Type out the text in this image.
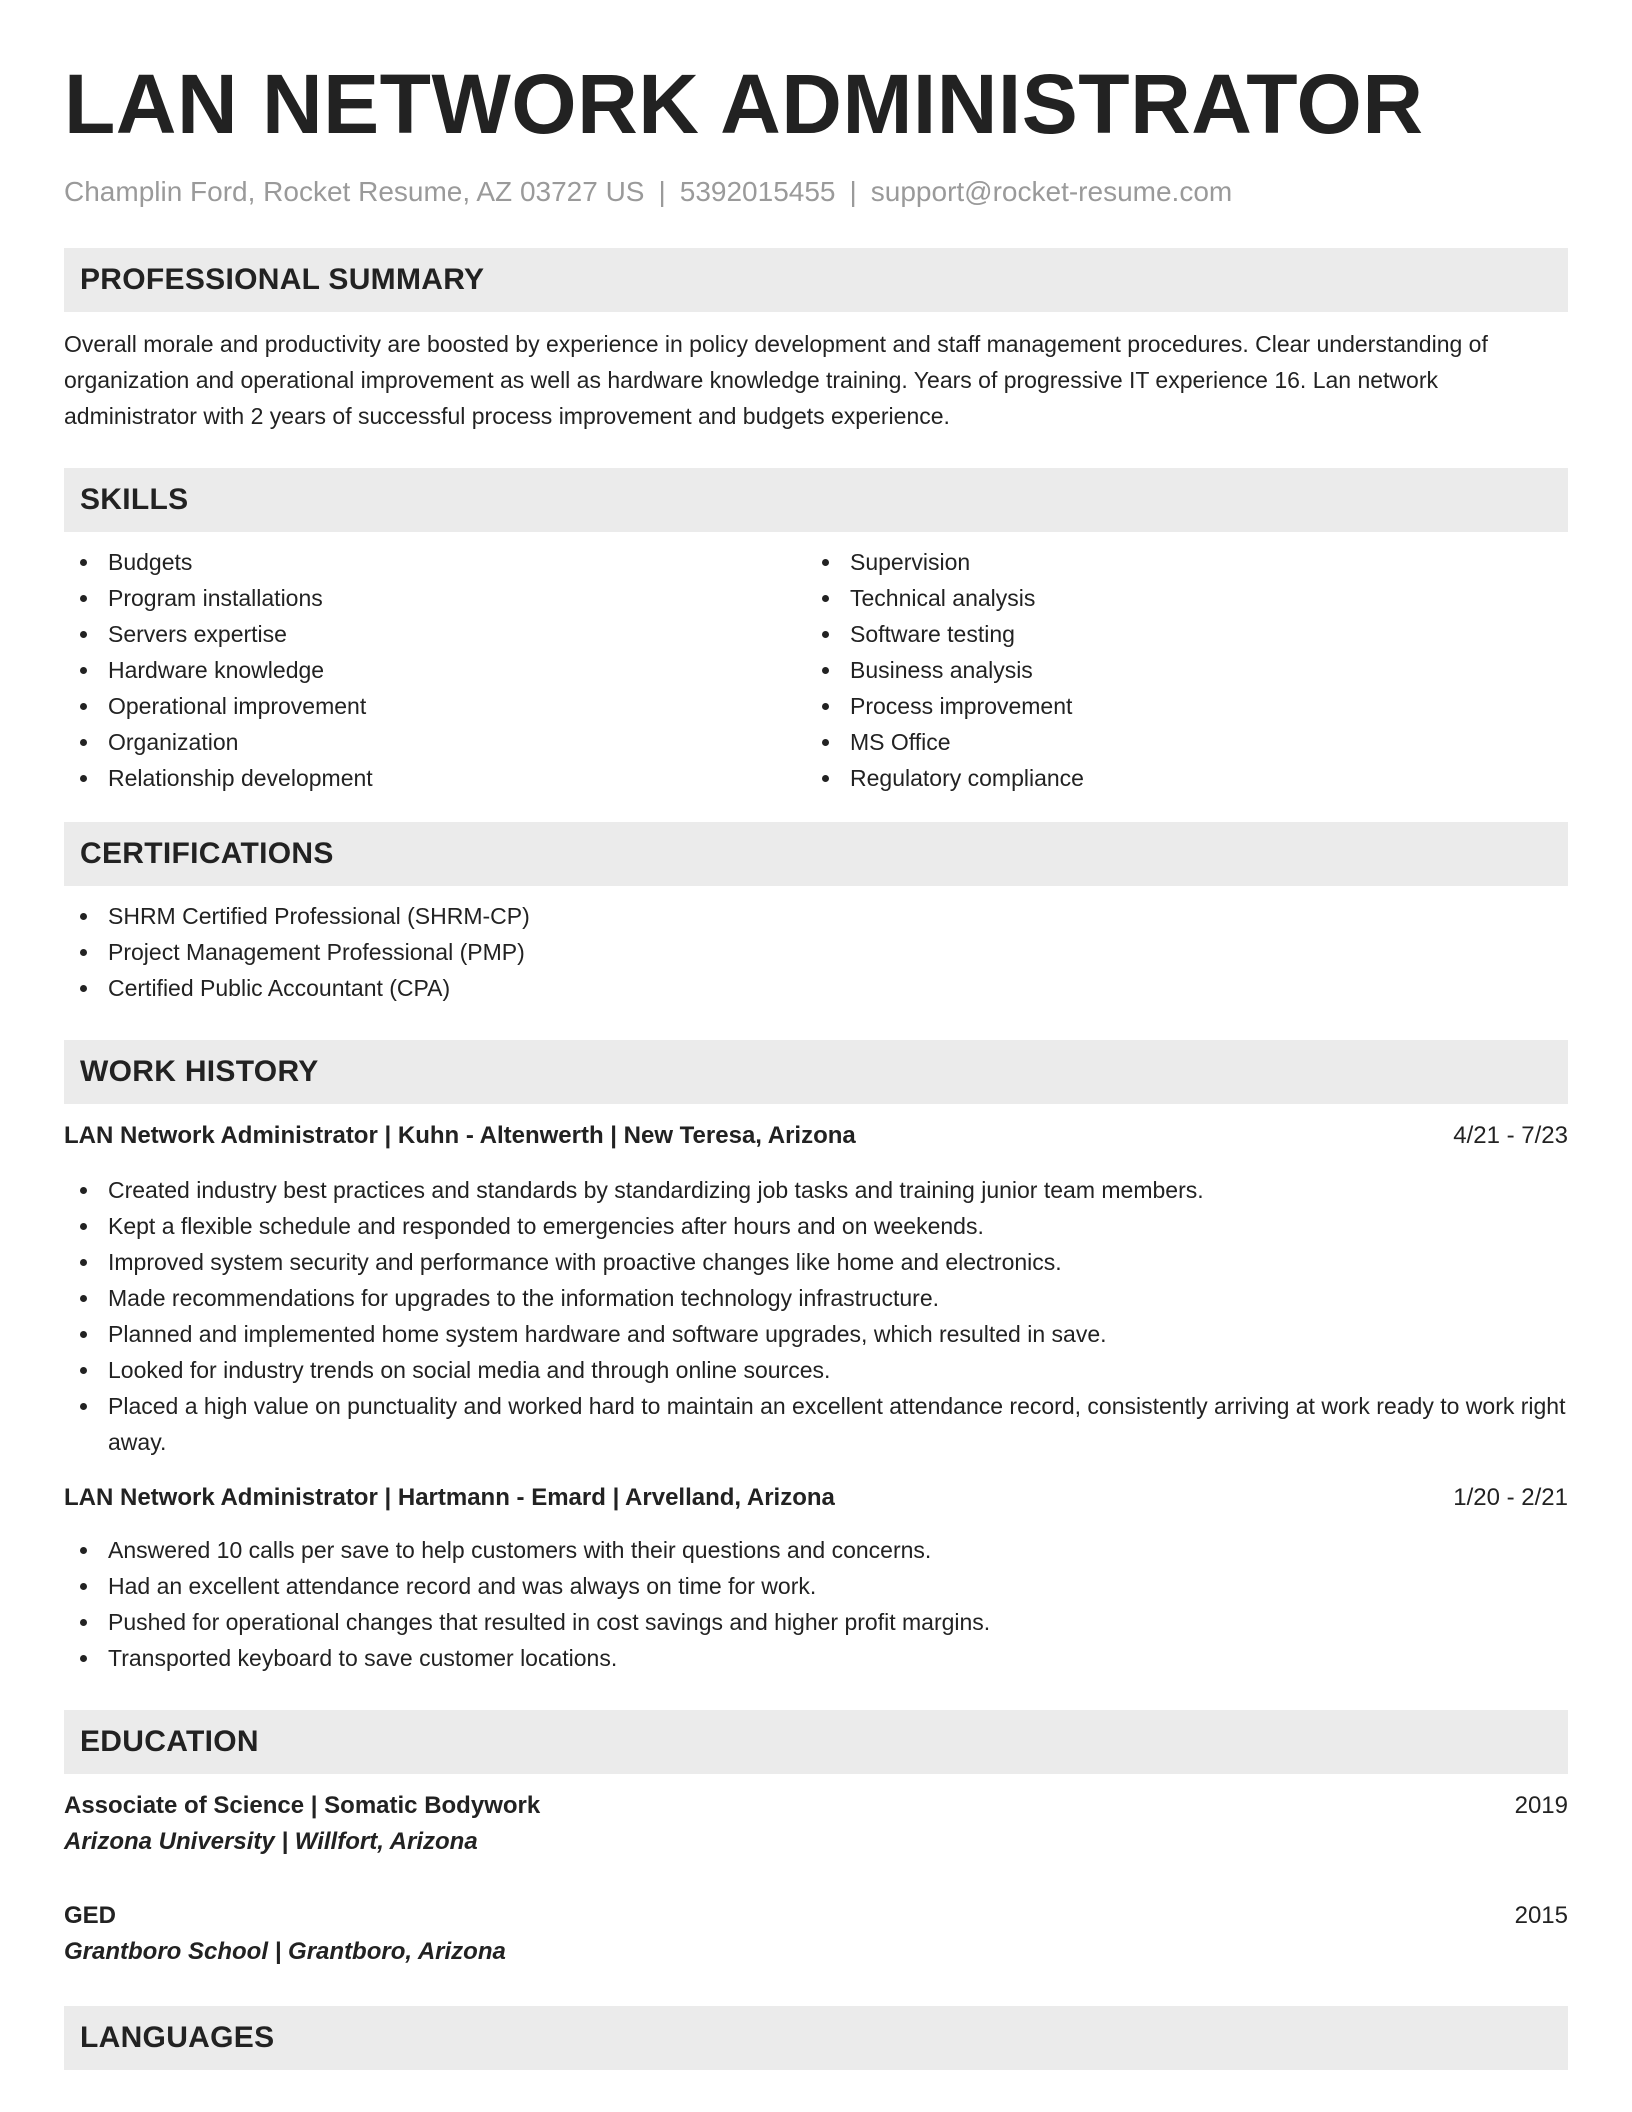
LAN NETWORK ADMINISTRATOR
Champlin Ford, Rocket Resume, AZ 03727 US | 5392015455 | support@rocket-resume.com
PROFESSIONAL SUMMARY

Overall morale and productivity are boosted by experience in policy development and staff management procedures. Clear understanding of organization and operational improvement as well as hardware knowledge training. Years of progressive IT experience 16. Lan network administrator with 2 years of successful process improvement and budgets experience.

SKILLS
Budgets
Program installations
Servers expertise
Hardware knowledge
Operational improvement
Organization
Relationship development
Supervision
Technical analysis
Software testing
Business analysis
Process improvement
MS Office
Regulatory compliance
CERTIFICATIONS
SHRM Certified Professional (SHRM-CP)
Project Management Professional (PMP)
Certified Public Accountant (CPA)
WORK HISTORY
LAN Network Administrator | Kuhn - Altenwerth | New Teresa, Arizona	4/21 - 7/23
Created industry best practices and standards by standardizing job tasks and training junior team members.
Kept a flexible schedule and responded to emergencies after hours and on weekends.
Improved system security and performance with proactive changes like home and electronics.
Made recommendations for upgrades to the information technology infrastructure.
Planned and implemented home system hardware and software upgrades, which resulted in save.
Looked for industry trends on social media and through online sources.
Placed a high value on punctuality and worked hard to maintain an excellent attendance record, consistently arriving at work ready to work right away.
LAN Network Administrator | Hartmann - Emard | Arvelland, Arizona	1/20 - 2/21
Answered 10 calls per save to help customers with their questions and concerns.
Had an excellent attendance record and was always on time for work.
Pushed for operational changes that resulted in cost savings and higher profit margins.
Transported keyboard to save customer locations.
EDUCATION
Associate of Science | Somatic Bodywork	2019
Arizona University | Willfort, Arizona
GED	2015
Grantboro School | Grantboro, Arizona
LANGUAGES
